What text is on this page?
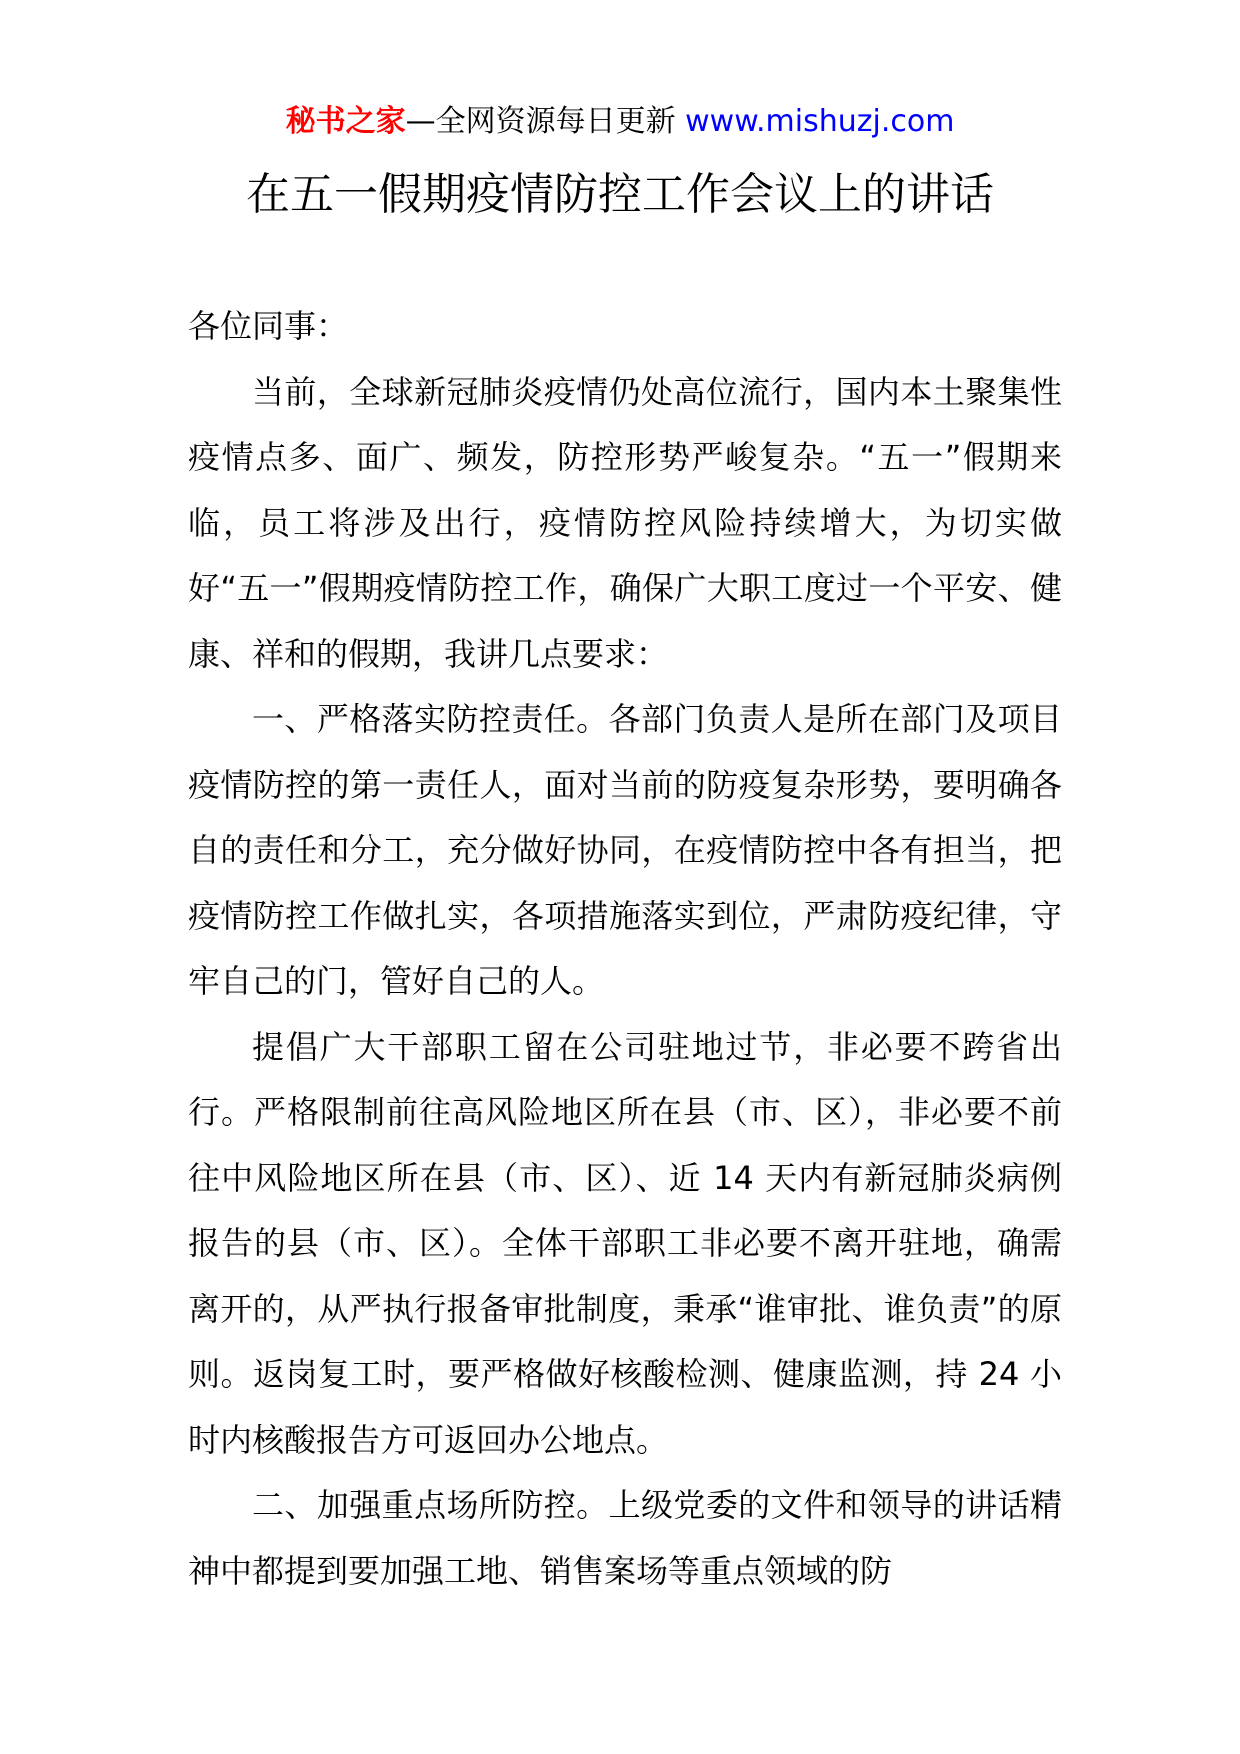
秘书之家—全网资源每日更新 www.mishuzj.com
在五一假期疫情防控工作会议上的讲话

各位同事：

当前，全球新冠肺炎疫情仍处高位流行，国内本土聚集性疫情点多、面广、频发，防控形势严峻复杂。“五一”假期来临，员工将涉及出行，疫情防控风险持续增大，为切实做好“五一”假期疫情防控工作，确保广大职工度过一个平安、健康、祥和的假期，我讲几点要求：

一、严格落实防控责任。各部门负责人是所在部门及项目疫情防控的第一责任人，面对当前的防疫复杂形势，要明确各自的责任和分工，充分做好协同，在疫情防控中各有担当，把疫情防控工作做扎实，各项措施落实到位，严肃防疫纪律，守牢自己的门，管好自己的人。

提倡广大干部职工留在公司驻地过节，非必要不跨省出行。严格限制前往高风险地区所在县（市、区），非必要不前往中风险地区所在县（市、区）、近 14 天内有新冠肺炎病例报告的县（市、区）。全体干部职工非必要不离开驻地，确需离开的，从严执行报备审批制度，秉承“谁审批、谁负责”的原则。返岗复工时，要严格做好核酸检测、健康监测，持 24 小时内核酸报告方可返回办公地点。

二、加强重点场所防控。上级党委的文件和领导的讲话精神中都提到要加强工地、销售案场等重点领域的防
